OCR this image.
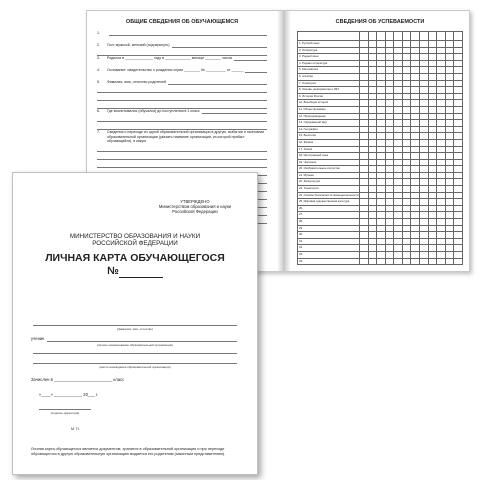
ОБЩИЕ СВЕДЕНИЯ ОБ ОБУЧАЮЩЕМСЯ
1.
2.	Пол: мужской, женский (подчеркнуть)
3.	Родился в ______________ году в _____________ месяце ________ числа
4.	Основание: свидетельство о рождении серия ________ № __________ от ______
5.	Фамилия, имя, отчество родителей
6.	Где воспитывался (обучался) до поступления в 1 класс
7.	Сведения о переходе из одной образовательной организации в другую, выбытии и окончании образовательной организации (указать название организации, из которой прибыл обучающийся), в какую
СВЕДЕНИЯ ОБ УСПЕВАЕМОСТИ

1. Русский язык												
2. Литература												
3. Родной язык												
4. Родная литература												
5. Математика												
6. Алгебра												
7. Геометрия												
8. Основы информатики и ИКТ												
9. История России												
10. Всеобщая история												
11. Обществознание												
12. Природоведение												
13. Окружающий мир												
14. География												
15. Биология												
16. Физика												
17. Химия												
18. Иностранный язык												
19. Черчение												
20. Изобразительное искусство												
21. Музыка												
22. Физкультура												
23. Технология												
24. Основы безопасности жизнедеятельности												
25. Мировая художественная культура												
26.												
27.												
28.												
29.												
30.												
31.												
32.												
33.												
34.												
УТВЕРЖДЕНО
Министерством образования и науки
Российской Федерации
МИНИСТЕРСТВО ОБРАЗОВАНИЯ И НАУКИ
РОССИЙСКОЙ ФЕДЕРАЦИИ
ЛИЧНАЯ КАРТА ОБУЧАЮЩЕГОСЯ
№
(фамилия, имя, отчество)
ученик
(полное наименование образовательной организации)
(место нахождения образовательной организации)
Зачислен в _________________________ класс
«____» ____________ 20___ г.
(подпись директора)
М. П.
Личная карта обучающегося является документом, хранится в образовательной организации и при переходе обучающегося в другую образовательную организацию выдается его родителям (законным представителям).
